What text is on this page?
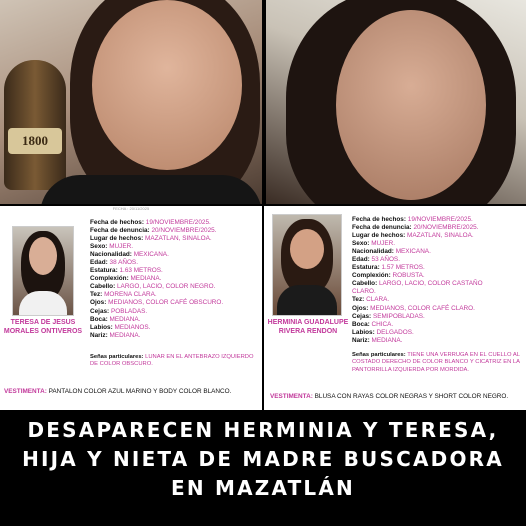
1800
FECHA : 20/11/2025
TERESA DE JESUS MORALES ONTIVEROS
Fecha de hechos: 19/NOVIEMBRE/2025.
Fecha de denuncia: 20/NOVIEMBRE/2025.
Lugar de hechos: MAZATLAN, SINALOA.
Sexo: MUJER.
Nacionalidad: MEXICANA.
Edad: 38 AÑOS.
Estatura: 1.63 METROS.
Complexión: MEDIANA.
Cabello: LARGO, LACIO, COLOR NEGRO.
Tez: MORENA CLARA.
Ojos: MEDIANOS, COLOR CAFÉ OBSCURO.
Cejas: POBLADAS.
Boca: MEDIANA.
Labios: MEDIANOS.
Nariz: MEDIANA.
Señas particulares: LUNAR EN EL ANTEBRAZO IZQUIERDO DE COLOR OBSCURO.
VESTIMENTA: PANTALON COLOR AZUL MARINO Y BODY COLOR BLANCO.
HERMINIA GUADALUPE RIVERA RENDON
Fecha de hechos: 19/NOVIEMBRE/2025.
Fecha de denuncia: 20/NOVIEMBRE/2025.
Lugar de hechos: MAZATLAN, SINALOA.
Sexo: MUJER.
Nacionalidad: MEXICANA.
Edad: 53 AÑOS.
Estatura: 1.57 METROS.
Complexión: ROBUSTA.
Cabello: LARGO, LACIO, COLOR CASTAÑO
CLARO.
Tez: CLARA.
Ojos: MEDIANOS, COLOR CAFÉ CLARO.
Cejas: SEMIPOBLADAS.
Boca: CHICA.
Labios: DELGADOS.
Nariz: MEDIANA.
Señas particulares: TIENE UNA VERRUGA EN EL CUELLO AL COSTADO DERECHO DE COLOR BLANCO Y CICATRIZ EN LA PANTORRILLA IZQUIERDA POR MORDIDA.
VESTIMENTA: BLUSA CON RAYAS COLOR NEGRAS Y SHORT COLOR NEGRO.
DESAPARECEN HERMINIA Y TERESA,
HIJA Y NIETA DE MADRE BUSCADORA
EN MAZATLÁN
